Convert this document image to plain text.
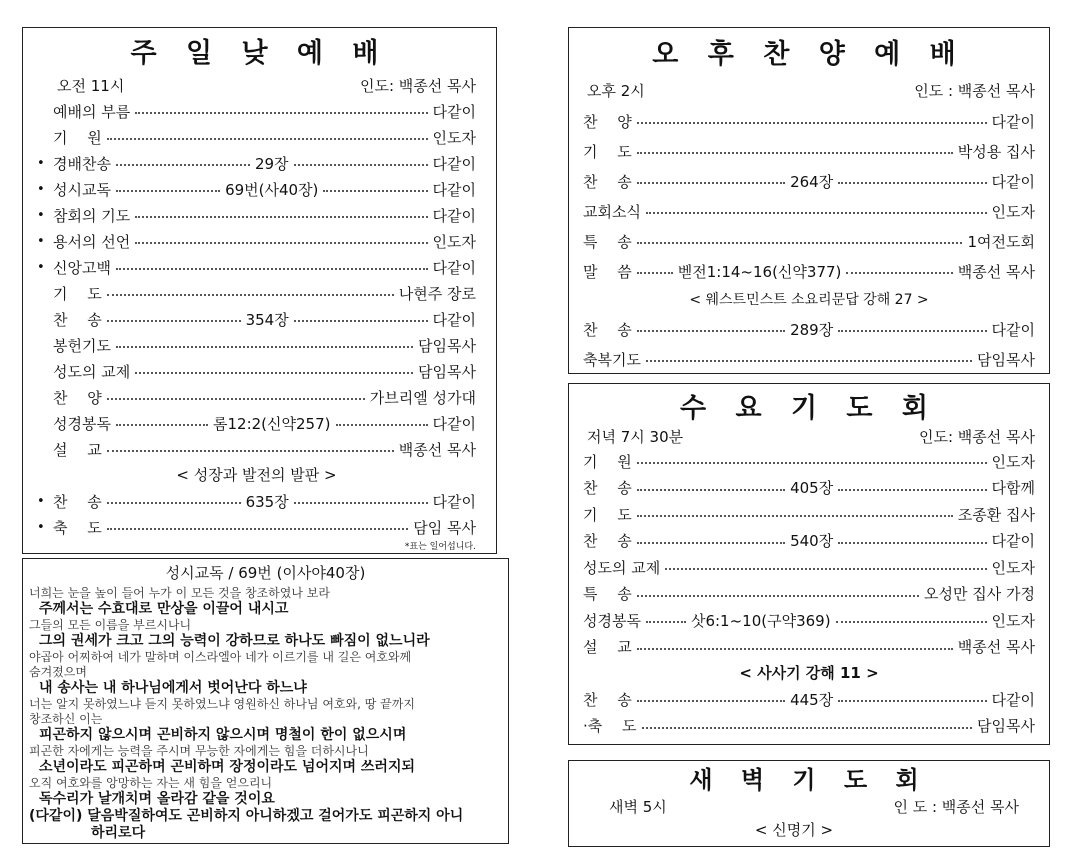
주 일 낮 예 배
오전 11시	인도: 백종선 목사
예배의 부름	다같이
기　 원	인도자
• 경배찬송	29장	다같이
• 성시교독	69번(사40장)	다같이
• 참회의 기도	다같이
• 용서의 선언	인도자
• 신앙고백	다같이
기　 도	나현주 장로
찬　 송	354장	다같이
봉헌기도	담임목사
성도의 교제	담임목사
찬　 양	가브리엘 성가대
성경봉독	롬12:2(신약257)	다같이
설　 교	백종선 목사
< 성장과 발전의 발판 >
• 찬　 송	635장	다같이
• 축　 도	담임 목사
*표는 일어섭니다.
성시교독 / 69번 (이사야40장)
너희는 눈을 높이 들어 누가 이 모든 것을 창조하였나 보라
주께서는 수효대로 만상을 이끌어 내시고
그들의 모든 이름을 부르시나니
그의 권세가 크고 그의 능력이 강하므로 하나도 빠짐이 없느니라
야곱아 어찌하여 네가 말하며 이스라엘아 네가 이르기를 내 길은 여호와께
숨겨졌으며
내 송사는 내 하나님에게서 벗어난다 하느냐
너는 알지 못하였느냐 듣지 못하였느냐 영원하신 하나님 여호와, 땅 끝까지
창조하신 이는
피곤하지 않으시며 곤비하지 않으시며 명철이 한이 없으시며
피곤한 자에게는 능력을 주시며 무능한 자에게는 힘을 더하시나니
소년이라도 피곤하며 곤비하며 장정이라도 넘어지며 쓰러지되
오직 여호와를 앙망하는 자는 새 힘을 얻으리니
독수리가 날개치며 올라감 같을 것이요
(다같이) 달음박질하여도 곤비하지 아니하겠고 걸어가도 피곤하지 아니
하리로다
오 후 찬 양 예 배
오후 2시	인도 : 백종선 목사
찬　 양	다같이
기　 도	박성용 집사
찬　 송	264장	다같이
교회소식	인도자
특　 송	1여전도회
말　 씀	벧전1:14~16(신약377)	백종선 목사
< 웨스트민스트 소요리문답 강해 27 >
찬　 송	289장	다같이
축복기도	담임목사
수 요 기 도 회
저녁 7시 30분	인도: 백종선 목사
기　 원	인도자
찬　 송	405장	다함께
기　 도	조종환 집사
찬　 송	540장	다같이
성도의 교제	인도자
특　 송	오성만 집사 가정
성경봉독	삿6:1~10(구약369)	인도자
설　 교	백종선 목사
< 사사기 강해 11 >
찬　 송	445장	다같이
·축　 도	담임목사
새 벽 기 도 회
새벽 5시	인 도 : 백종선 목사
< 신명기 >
